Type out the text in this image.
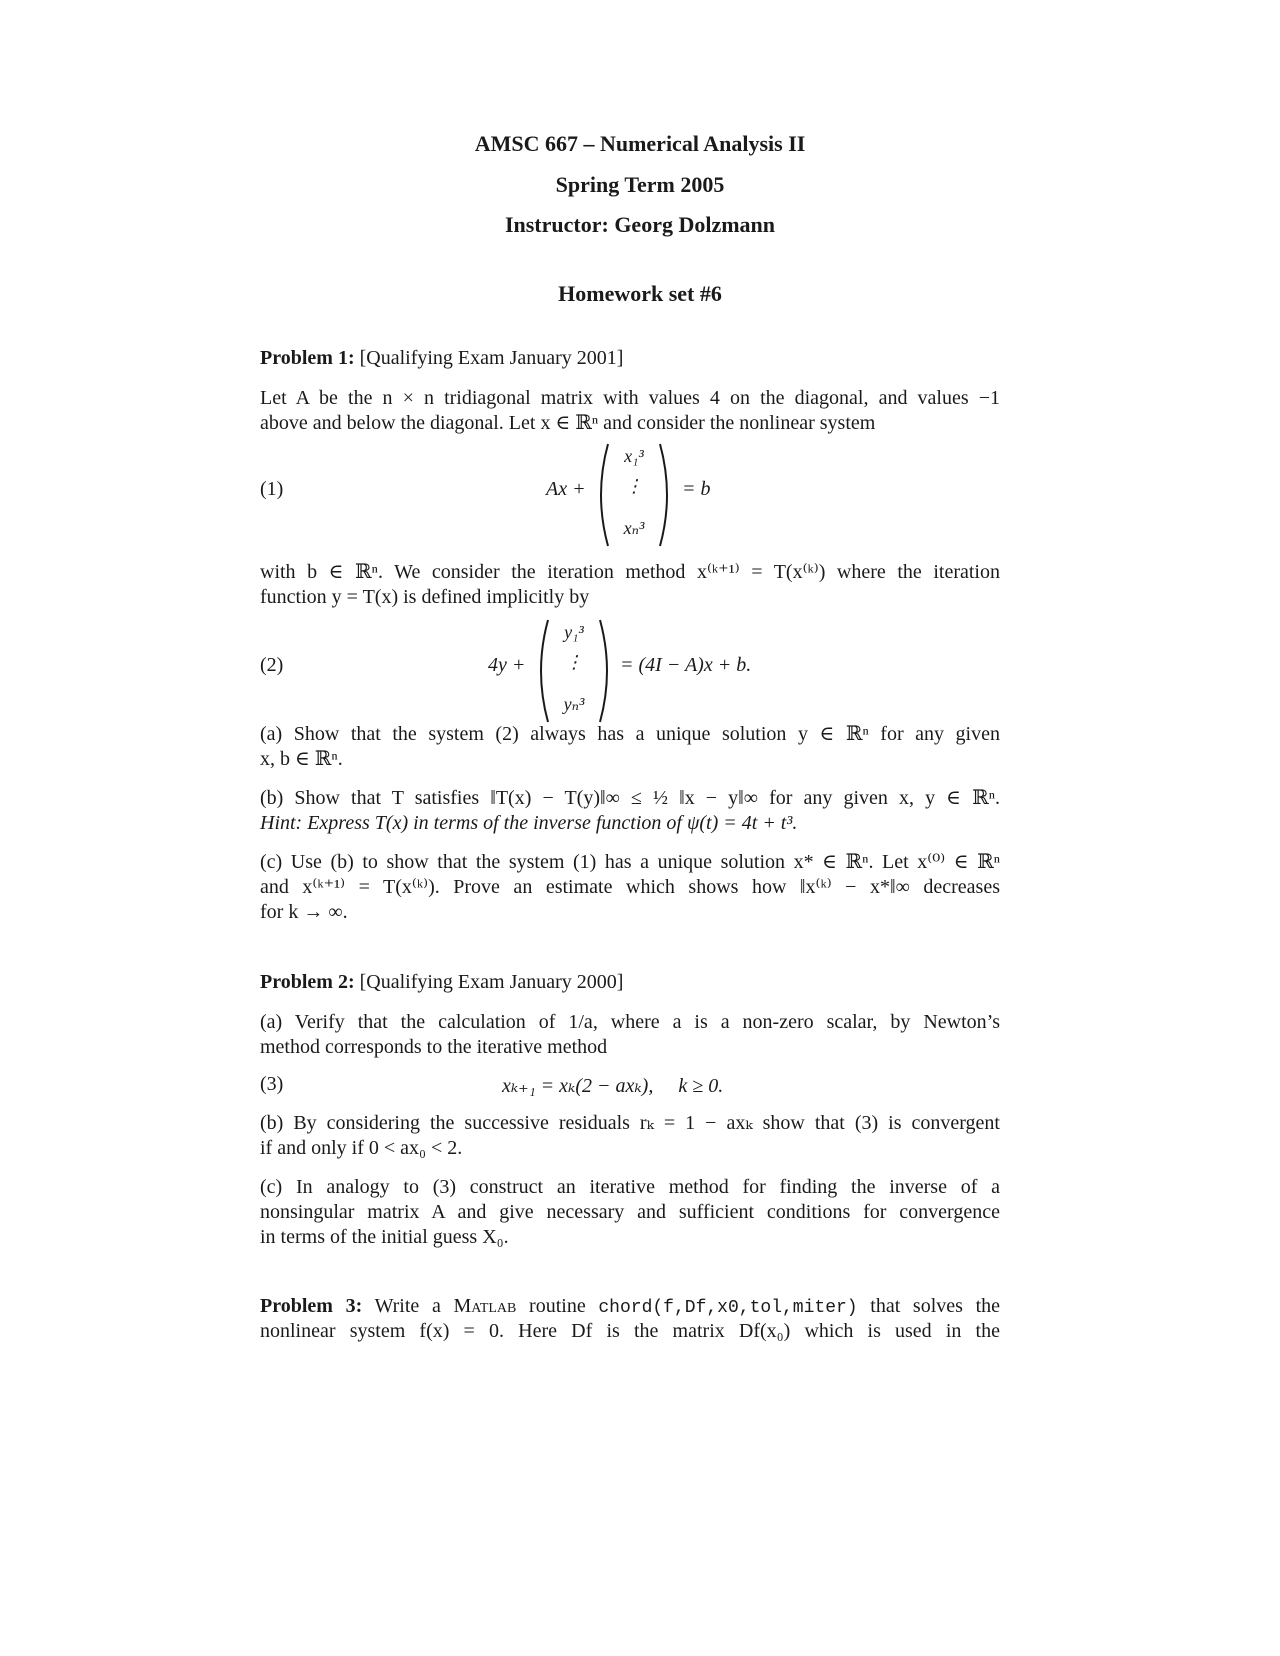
AMSC 667 – Numerical Analysis II
Spring Term 2005
Instructor: Georg Dolzmann
Homework set #6
Problem 1: [Qualifying Exam January 2001]
Let A be the n × n tridiagonal matrix with values 4 on the diagonal, and values −1
above and below the diagonal. Let x ∈ ℝⁿ and consider the nonlinear system
(1)	Ax +
x₁³
⋮
xₙ³
= b
with b ∈ ℝⁿ. We consider the iteration method x⁽ᵏ⁺¹⁾ = T(x⁽ᵏ⁾) where the iteration
function y = T(x) is defined implicitly by
(2)	4y +
y₁³
⋮
yₙ³
= (4I − A)x + b.
(a) Show that the system (2) always has a unique solution y ∈ ℝⁿ for any given
x, b ∈ ℝⁿ.
(b) Show that T satisfies ‖T(x) − T(y)‖∞ ≤ ½ ‖x − y‖∞ for any given x, y ∈ ℝⁿ.
Hint: Express T(x) in terms of the inverse function of ψ(t) = 4t + t³.
(c) Use (b) to show that the system (1) has a unique solution x* ∈ ℝⁿ. Let x⁽⁰⁾ ∈ ℝⁿ
and x⁽ᵏ⁺¹⁾ = T(x⁽ᵏ⁾). Prove an estimate which shows how ‖x⁽ᵏ⁾ − x*‖∞ decreases
for k → ∞.
Problem 2: [Qualifying Exam January 2000]
(a) Verify that the calculation of 1/a, where a is a non-zero scalar, by Newton’s
method corresponds to the iterative method
(3)	xₖ₊₁ = xₖ(2 − axₖ),     k ≥ 0.
(b) By considering the successive residuals rₖ = 1 − axₖ show that (3) is convergent
if and only if 0 < ax₀ < 2.
(c) In analogy to (3) construct an iterative method for finding the inverse of a
nonsingular matrix A and give necessary and sufficient conditions for convergence
in terms of the initial guess X₀.
Problem 3: Write a Matlab routine chord(f,Df,x0,tol,miter) that solves the
nonlinear system f(x) = 0. Here Df is the matrix Df(x₀) which is used in the
